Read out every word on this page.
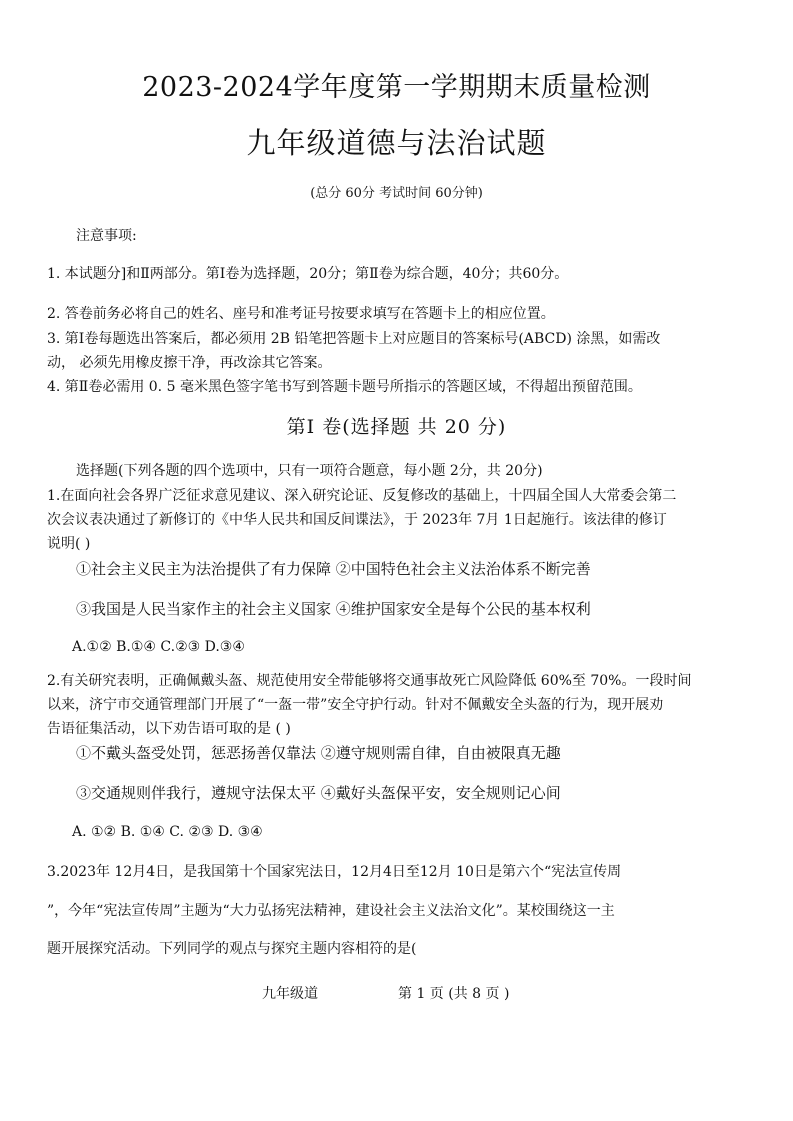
2023-2024学年度第一学期期末质量检测
九年级道德与法治试题
(总分 60分 考试时间 60分钟)
注意事项:
1. 本试题分]和Ⅱ两部分。第Ⅰ卷为选择题，20分；第Ⅱ卷为综合题，40分；共60分。
2. 答卷前务必将自己的姓名、座号和准考证号按要求填写在答题卡上的相应位置。
3. 第Ⅰ卷每题选出答案后，都必须用 2B 铅笔把答题卡上对应题目的答案标号(ABCD) 涂黑，如需改
动， 必须先用橡皮擦干净，再改涂其它答案。
4. 第Ⅱ卷必需用 0. 5 毫米黑色签字笔书写到答题卡题号所指示的答题区域，不得超出预留范围。
第Ⅰ 卷(选择题 共 20 分)
选择题(下列各题的四个选项中，只有一项符合题意，每小题 2分，共 20分)
1.在面向社会各界广泛征求意见建议、深入研究论证、反复修改的基础上，十四届全国人大常委会第二
次会议表决通过了新修订的《中华人民共和国反间谍法》，于 2023年 7月 1日起施行。该法律的修订
说明( )
①社会主义民主为法治提供了有力保障 ②中国特色社会主义法治体系不断完善
③我国是人民当家作主的社会主义国家 ④维护国家安全是每个公民的基本权利
A.①② B.①④ C.②③ D.③④
2.有关研究表明，正确佩戴头盔、规范使用安全带能够将交通事故死亡风险降低 60%至 70%。一段时间
以来，济宁市交通管理部门开展了“一盔一带”安全守护行动。针对不佩戴安全头盔的行为，现开展劝
告语征集活动，以下劝告语可取的是 ( )
①不戴头盔受处罚，惩恶扬善仅靠法 ②遵守规则需自律，自由被限真无趣
③交通规则伴我行，遵规守法保太平 ④戴好头盔保平安，安全规则记心间
A. ①② B. ①④ C. ②③ D. ③④
3.2023年 12月4日，是我国第十个国家宪法日，12月4日至12月 10日是第六个“宪法宣传周
”，今年“宪法宣传周”主题为“大力弘扬宪法精神，建设社会主义法治文化”。某校围绕这一主
题开展探究活动。下列同学的观点与探究主题内容相符的是(
九年级道	第 1 页 (共 8 页 )
